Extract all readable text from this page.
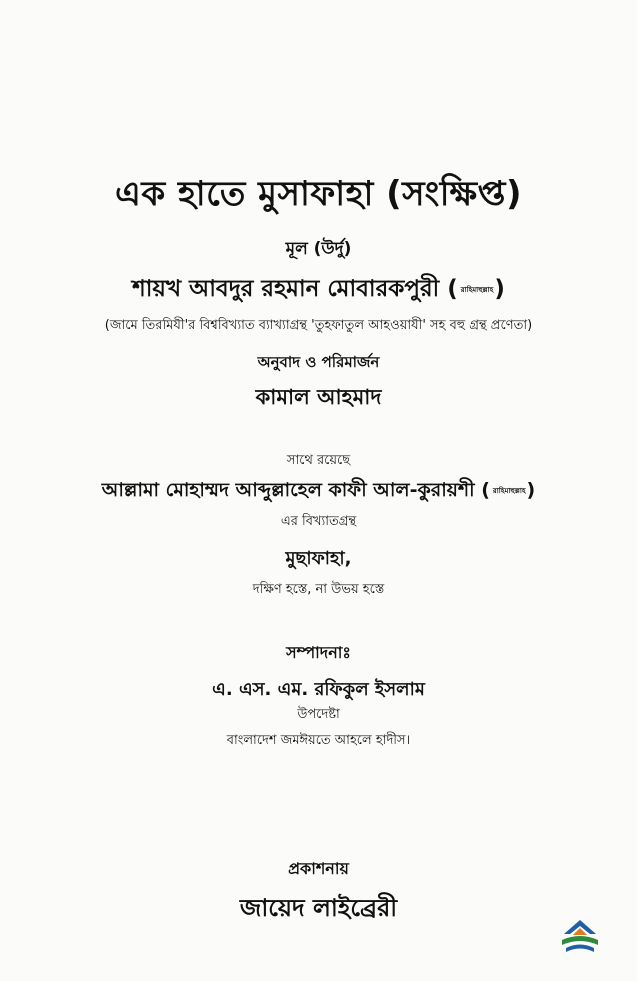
এক হাতে মুসাফাহা (সংক্ষিপ্ত)
মূল (উর্দু)
শায়খ আবদুর রহমান মোবারকপুরী ( রাহিমাহুল্লাহ)
(জামে তিরমিযী'র বিশ্ববিখ্যাত ব্যাখ্যাগ্রন্থ 'তুহফাতুল আহওয়াযী' সহ বহু গ্রন্থ প্রণেতা)
অনুবাদ ও পরিমার্জন
কামাল আহমাদ
সাথে রয়েছে
আল্লামা মোহাম্মদ আব্দুল্লাহেল কাফী আল-কুরায়শী ( রাহিমাহুল্লাহ)
এর বিখ্যাতগ্রন্থ
মুছাফাহা,
দক্ষিণ হস্তে, না উভয় হস্তে
সম্পাদনাঃ
এ. এস. এম. রফিকুল ইসলাম
উপদেষ্টা
বাংলাদেশ জমঈয়তে আহলে হাদীস।
প্রকাশনায়
জায়েদ লাইব্রেরী
